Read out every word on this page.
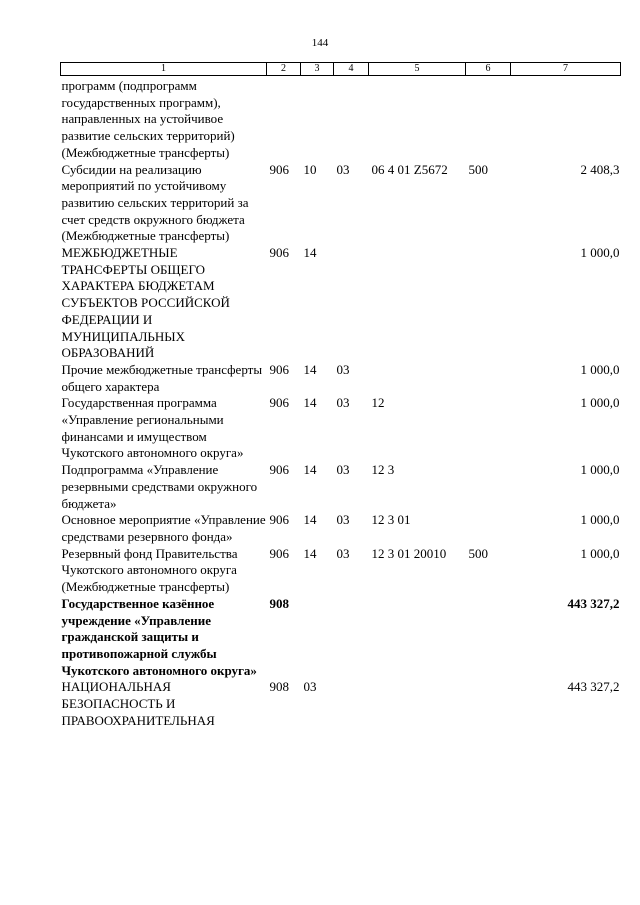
144
1	2	3	4	5	6	7
программ (подпрограмм государственных программ), направленных на устойчивое развитие сельских территорий) (Межбюджетные трансферты)						
Субсидии на реализацию мероприятий по устойчивому развитию сельских территорий за счет средств окружного бюджета (Межбюджетные трансферты)	906	10	03	06 4 01 Z5672	500	2 408,3
МЕЖБЮДЖЕТНЫЕ ТРАНСФЕРТЫ ОБЩЕГО ХАРАКТЕРА БЮДЖЕТАМ СУБЪЕКТОВ РОССИЙСКОЙ ФЕДЕРАЦИИ И МУНИЦИПАЛЬНЫХ ОБРАЗОВАНИЙ	906	14				1 000,0
Прочие межбюджетные трансферты общего характера	906	14	03			1 000,0
Государственная программа «Управление региональными финансами и имуществом Чукотского автономного округа»	906	14	03	12		1 000,0
Подпрограмма «Управление резервными средствами окружного бюджета»	906	14	03	12 3		1 000,0
Основное мероприятие «Управление средствами резервного фонда»	906	14	03	12 3 01		1 000,0
Резервный фонд Правительства Чукотского автономного округа (Межбюджетные трансферты)	906	14	03	12 3 01 20010	500	1 000,0
Государственное казённое учреждение «Управление гражданской защиты и противопожарной службы Чукотского автономного округа»	908					443 327,2
НАЦИОНАЛЬНАЯ БЕЗОПАСНОСТЬ И ПРАВООХРАНИТЕЛЬНАЯ	908	03				443 327,2
